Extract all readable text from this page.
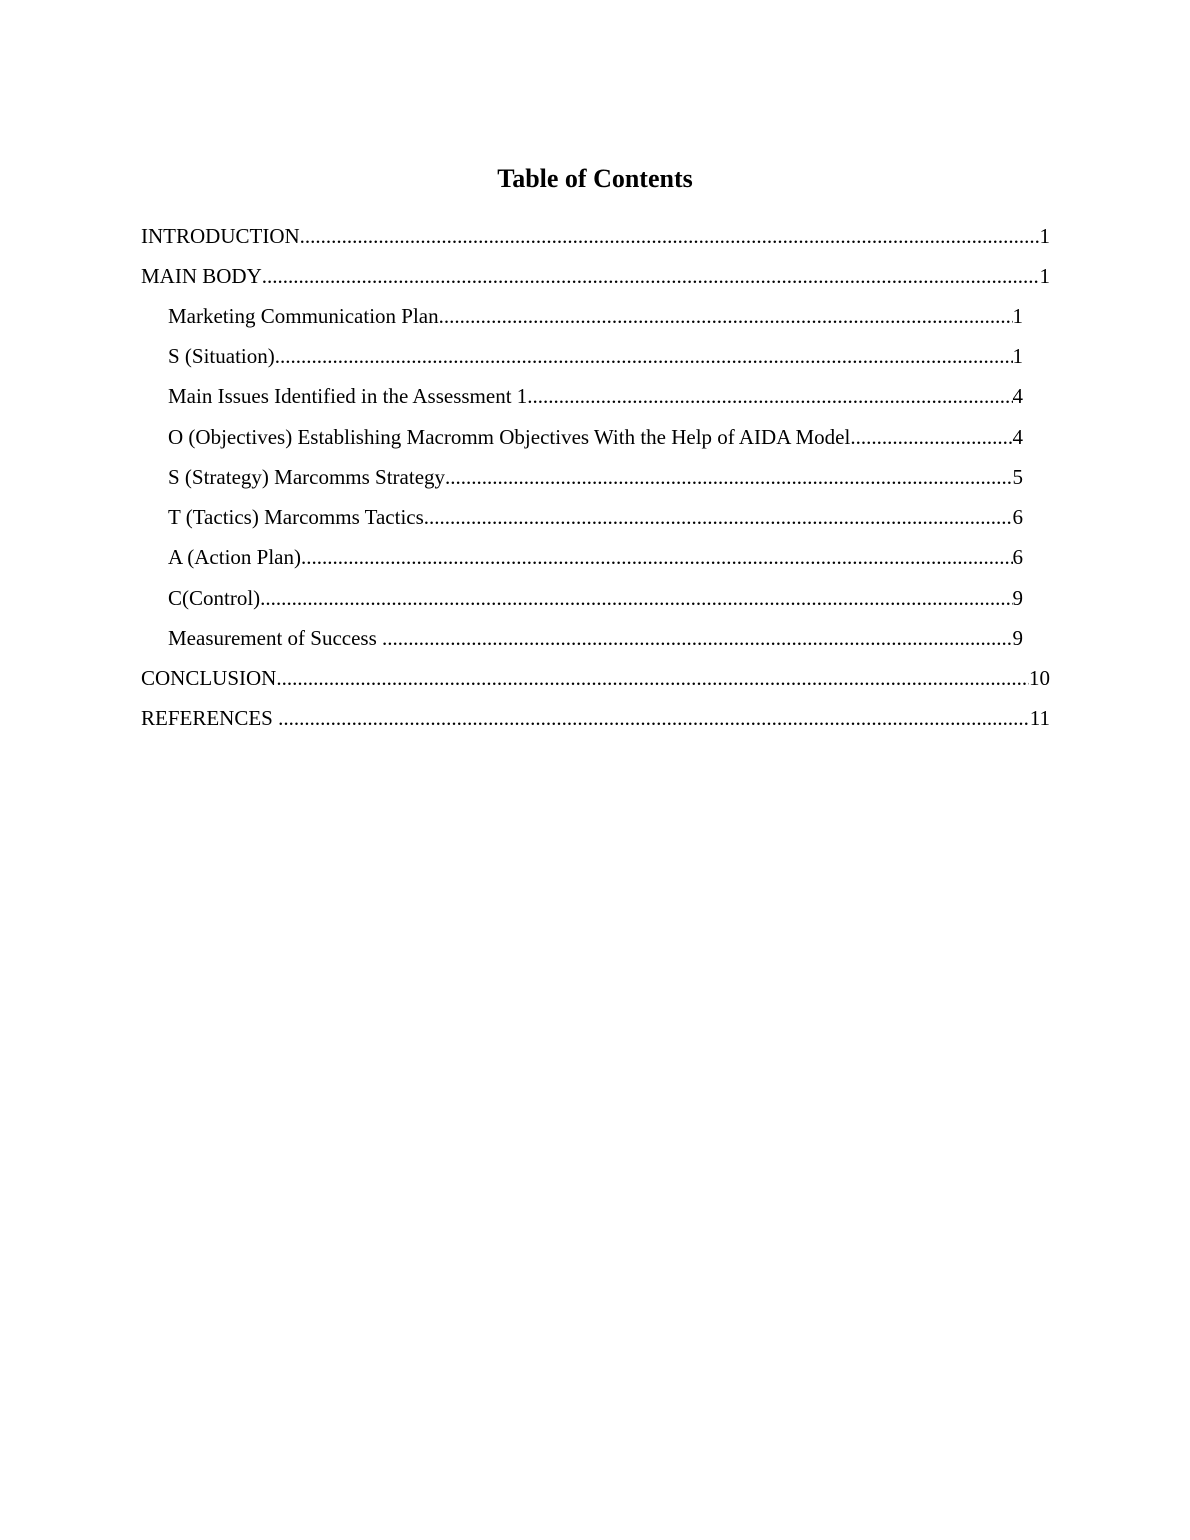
Table of Contents
INTRODUCTION .....	1
MAIN BODY .....	1
Marketing Communication Plan .....	1
S (Situation) .....	1
Main Issues Identified in the Assessment 1 .....	4
O (Objectives) Establishing Macromm Objectives With the Help of AIDA Model .....	4
S (Strategy) Marcomms Strategy .....	5
T (Tactics) Marcomms Tactics .....	6
A (Action Plan) .....	6
C(Control) .....	9
Measurement of Success .....	9
CONCLUSION .....	10
REFERENCES .....	11
